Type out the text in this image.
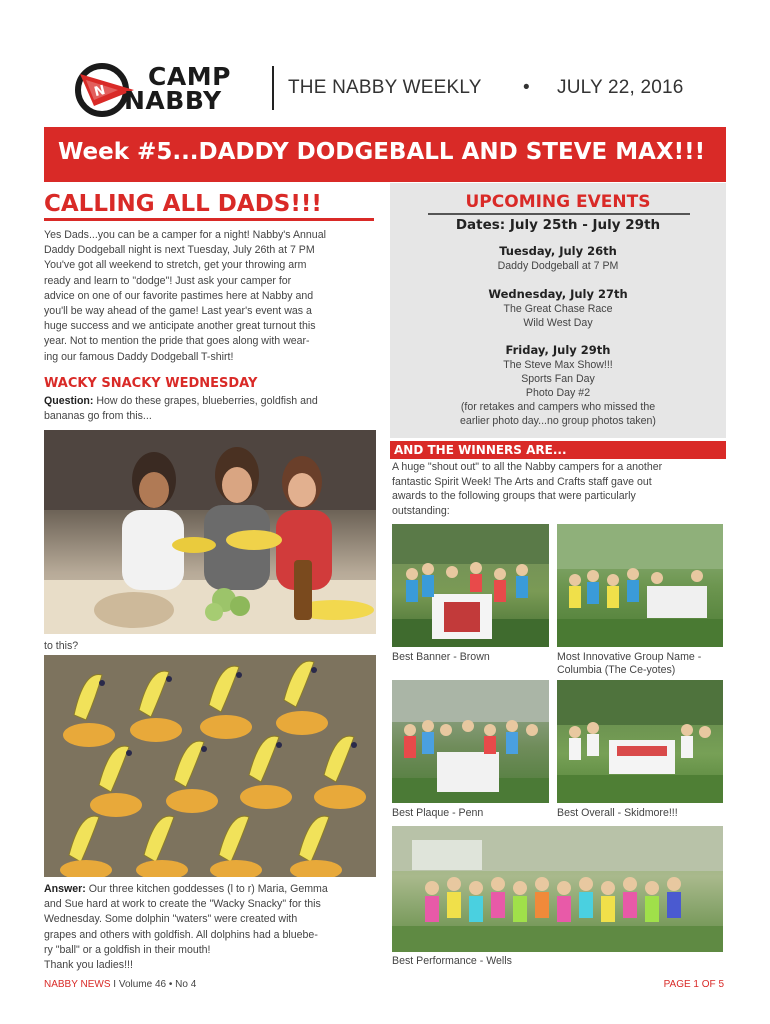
N
CAMP
NABBY	THE NABBY WEEKLY • JULY 22, 2016
Week #5...DADDY DODGEBALL AND STEVE MAX!!!
CALLING ALL DADS!!!
Yes Dads...you can be a camper for a night! Nabby's Annual
Daddy Dodgeball night is next Tuesday, July 26th at 7 PM
You've got all weekend to stretch, get your throwing arm
ready and learn to "dodge"! Just ask your camper for
advice on one of our favorite pastimes here at Nabby and
you'll be way ahead of the game! Last year's event was a
huge success and we anticipate another great turnout this
year. Not to mention the pride that goes along with wear-
ing our famous Daddy Dodgeball T-shirt!
WACKY SNACKY WEDNESDAY
Question: How do these grapes, blueberries, goldfish and
bananas go from this...
to this?
Answer: Our three kitchen goddesses (l to r) Maria, Gemma
and Sue hard at work to create the "Wacky Snacky" for this
Wednesday. Some dolphin "waters" were created with
grapes and others with goldfish. All dolphins had a bluebe-
ry "ball" or a goldfish in their mouth!
Thank you ladies!!!
UPCOMING EVENTS
Dates: July 25th - July 29th
Tuesday, July 26th
Daddy Dodgeball at 7 PM
Wednesday, July 27th
The Great Chase Race
Wild West Day
Friday, July 29th
The Steve Max Show!!!
Sports Fan Day
Photo Day #2
(for retakes and campers who missed the
earlier photo day...no group photos taken)
AND THE WINNERS ARE...
A huge "shout out" to all the Nabby campers for a another
fantastic Spirit Week! The Arts and Crafts staff gave out
awards to the following groups that were particularly
outstanding:
Best Banner - Brown	Most Innovative Group Name -
Columbia (The Ce-yotes)
Best Plaque - Penn	Best Overall - Skidmore!!!
Best Performance - Wells
NABBY NEWS I Volume 46 • No 4	PAGE 1 OF 5
